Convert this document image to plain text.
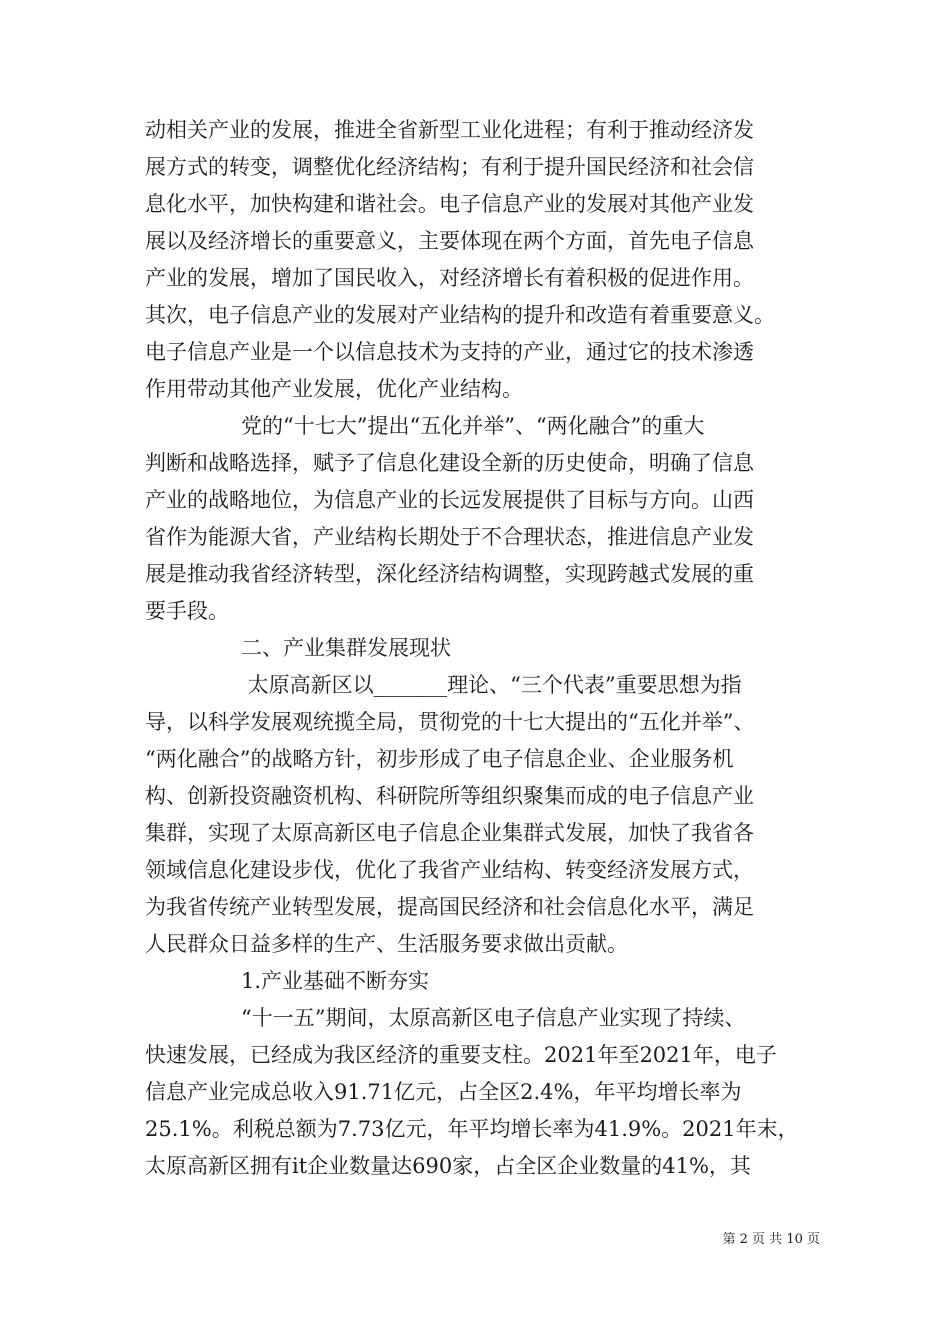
动相关产业的发展，推进全省新型工业化进程；有利于推动经济发
展方式的转变，调整优化经济结构；有利于提升国民经济和社会信
息化水平，加快构建和谐社会。电子信息产业的发展对其他产业发
展以及经济增长的重要意义，主要体现在两个方面，首先电子信息
产业的发展，增加了国民收入，对经济增长有着积极的促进作用。
其次，电子信息产业的发展对产业结构的提升和改造有着重要意义。
电子信息产业是一个以信息技术为支持的产业，通过它的技术渗透
作用带动其他产业发展，优化产业结构。
党的“十七大”提出“五化并举”、“两化融合”的重大
判断和战略选择，赋予了信息化建设全新的历史使命，明确了信息
产业的战略地位，为信息产业的长远发展提供了目标与方向。山西
省作为能源大省，产业结构长期处于不合理状态，推进信息产业发
展是推动我省经济转型，深化经济结构调整，实现跨越式发展的重
要手段。
二、产业集群发展现状
太原高新区以_______理论、“三个代表”重要思想为指
导，以科学发展观统揽全局，贯彻党的十七大提出的“五化并举”、
“两化融合”的战略方针，初步形成了电子信息企业、企业服务机
构、创新投资融资机构、科研院所等组织聚集而成的电子信息产业
集群，实现了太原高新区电子信息企业集群式发展，加快了我省各
领域信息化建设步伐，优化了我省产业结构、转变经济发展方式，
为我省传统产业转型发展，提高国民经济和社会信息化水平，满足
人民群众日益多样的生产、生活服务要求做出贡献。
1.产业基础不断夯实
“十一五”期间，太原高新区电子信息产业实现了持续、
快速发展，已经成为我区经济的重要支柱。2021年至2021年，电子
信息产业完成总收入91.71亿元，占全区2.4%，年平均增长率为
25.1%。利税总额为7.73亿元，年平均增长率为41.9%。2021年末，
太原高新区拥有it企业数量达690家，占全区企业数量的41%，其
第 2 页 共 10 页
